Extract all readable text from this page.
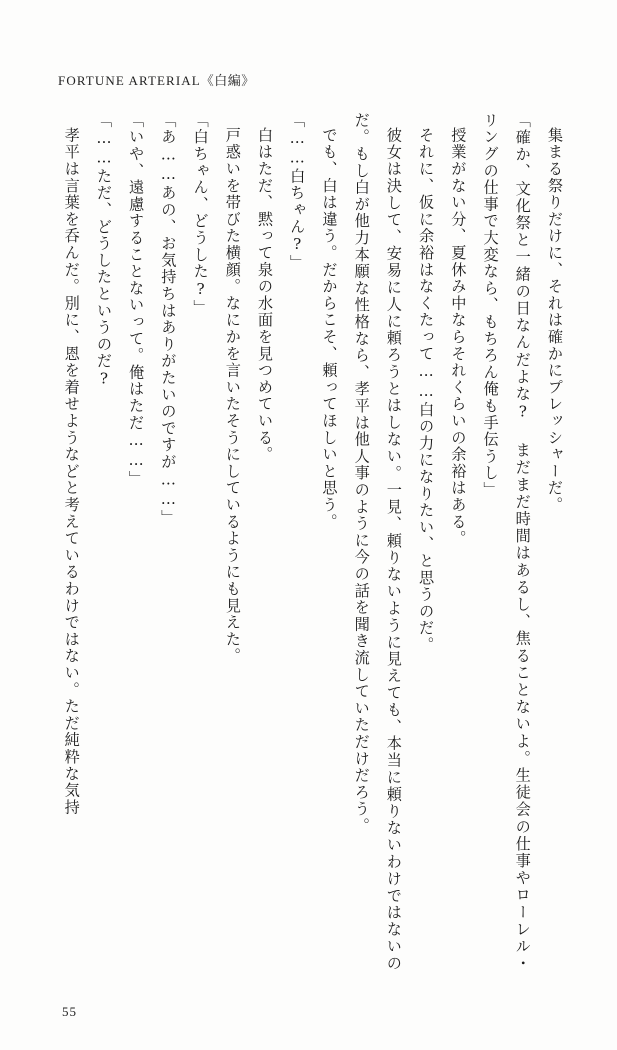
FORTUNE ARTERIAL《白編》

集まる祭りだけに、それは確かにプレッシャーだ。

「確か、文化祭と一緒の日なんだよな? まだまだ時間はあるし、焦ることないよ。生徒会の仕事やローレル・リングの仕事で大変なら、もちろん俺も手伝うし」

授業がない分、夏休み中ならそれくらいの余裕はある。

それに、仮に余裕はなくたって……白の力になりたい、と思うのだ。

彼女は決して、安易に人に頼ろうとはしない。一見、頼りないように見えても、本当に頼りないわけではないのだ。もし白が他力本願な性格なら、孝平は他人事のように今の話を聞き流していただけだろう。

でも、白は違う。だからこそ、頼ってほしいと思う。

「……白ちゃん?」

白はただ、黙って泉の水面を見つめている。

戸惑いを帯びた横顔。なにかを言いたそうにしているようにも見えた。

「白ちゃん、どうした?」

「あ……あの、お気持ちはありがたいのですが……」

「いや、遠慮することないって。俺はただ……」

「……ただ、どうしたというのだ?

孝平は言葉を呑んだ。別に、恩を着せようなどと考えているわけではない。ただ純粋な気持

55
